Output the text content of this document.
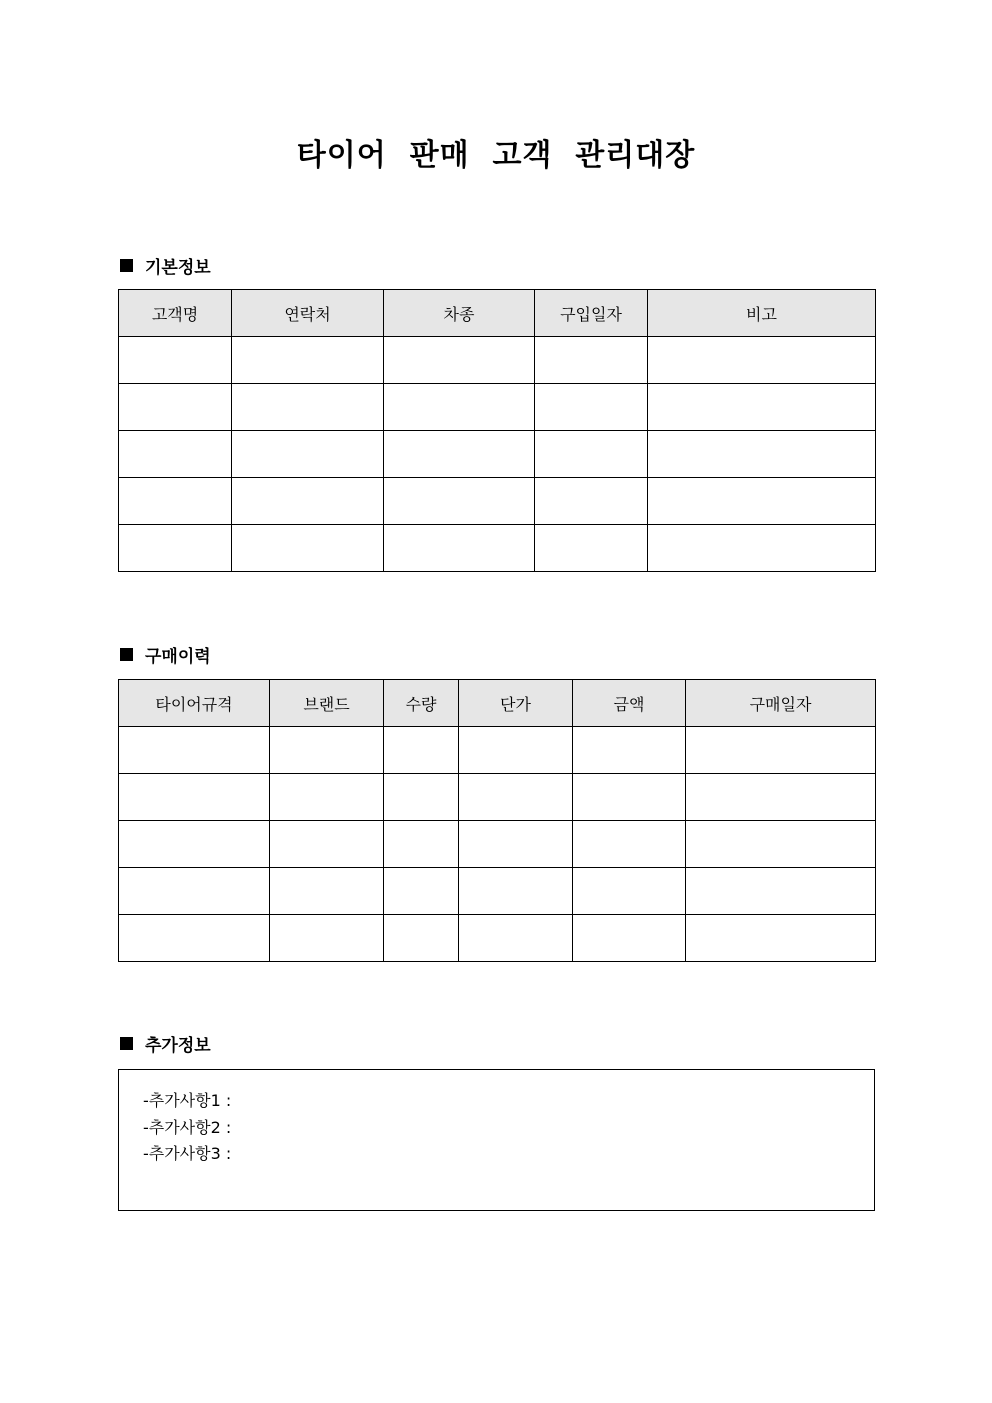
타이어  판매  고객  관리대장
기본정보
고객명	연락처	차종	구입일자	비고

구매이력
타이어규격	브랜드	수량	단가	금액	구매일자

추가정보
-추가사항1 :
-추가사항2 :
-추가사항3 :
